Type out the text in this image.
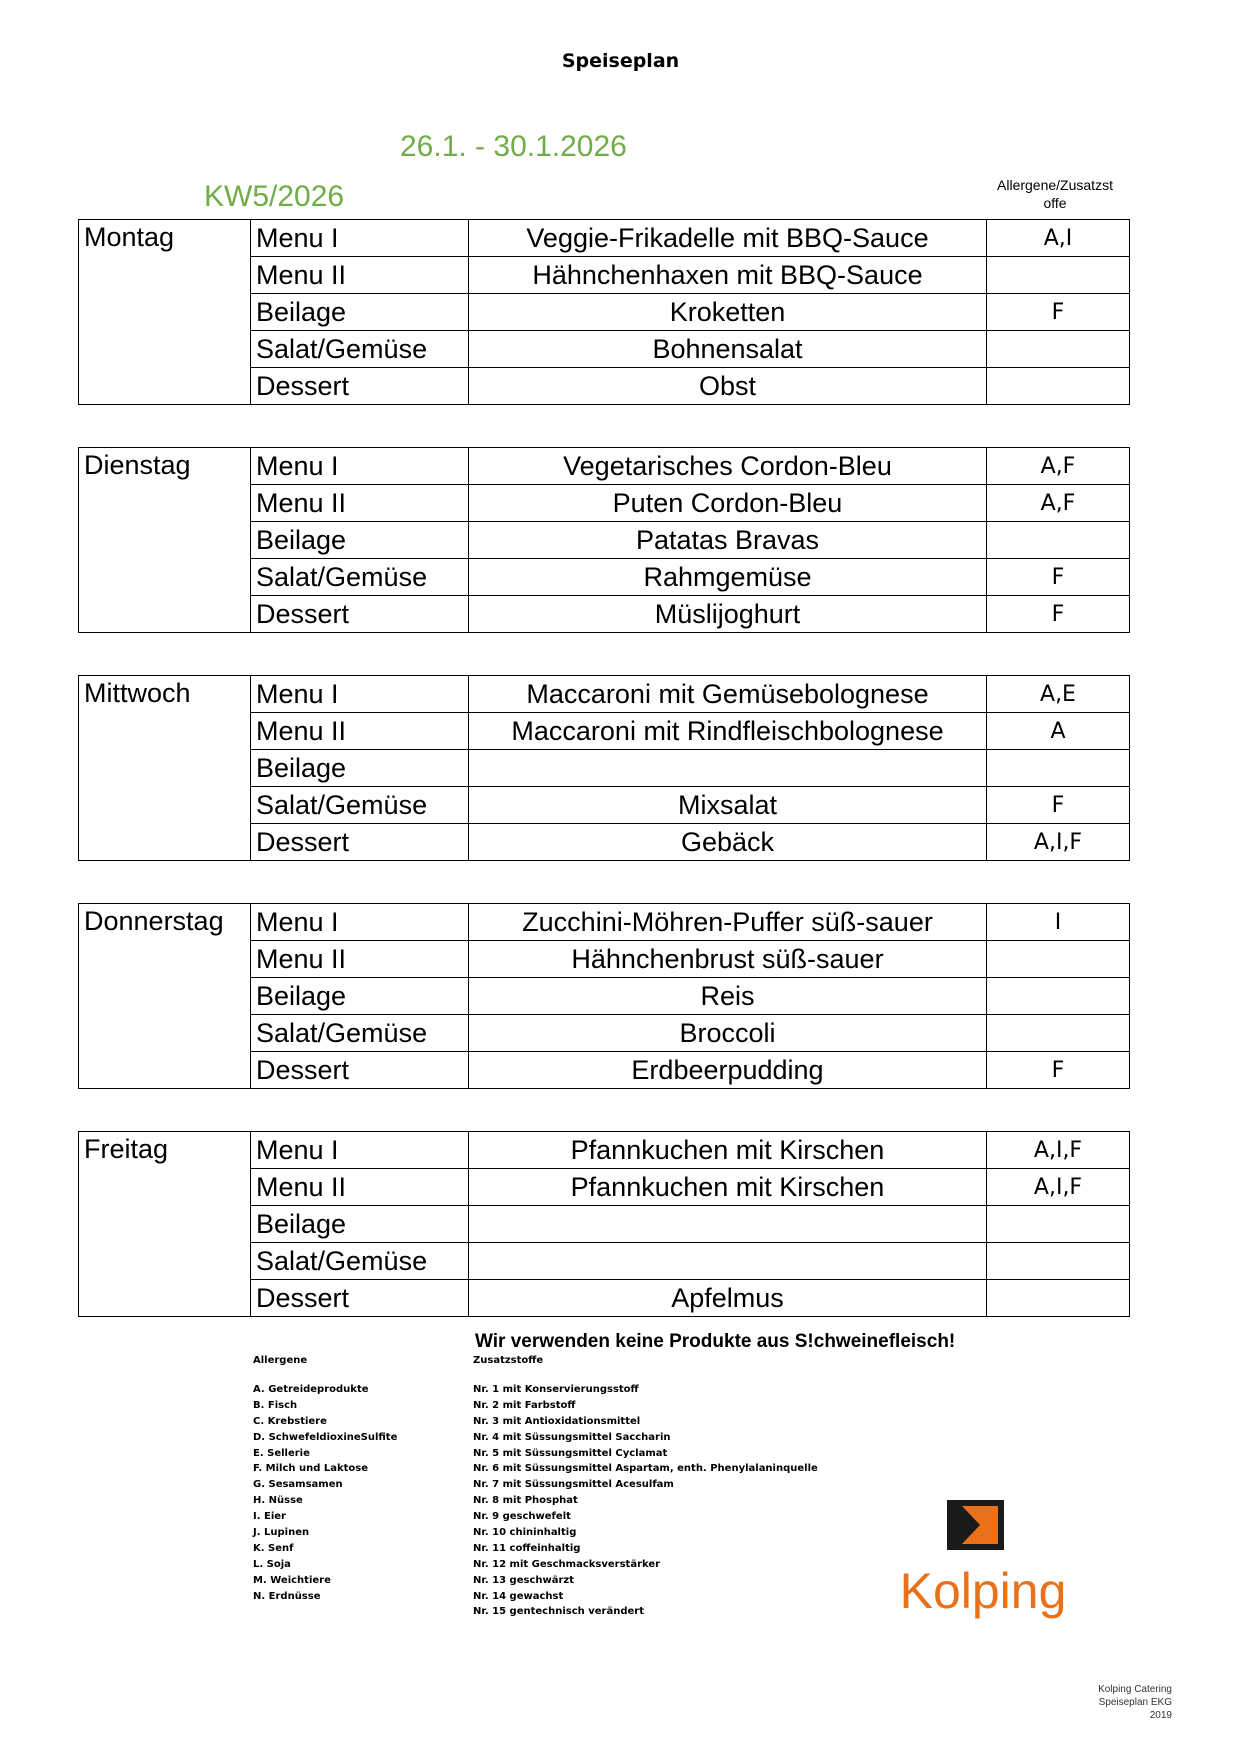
Speiseplan
26.1. - 30.1.2026
KW5/2026	Allergene/Zusatzst offe
Montag	Menu I	Veggie-Frikadelle mit BBQ-Sauce	A,I
	Menu II	Hähnchenhaxen mit BBQ-Sauce	
	Beilage	Kroketten	F
	Salat/Gemüse	Bohnensalat	
	Dessert	Obst	
Dienstag	Menu I	Vegetarisches Cordon-Bleu	A,F
	Menu II	Puten Cordon-Bleu	A,F
	Beilage	Patatas Bravas	
	Salat/Gemüse	Rahmgemüse	F
	Dessert	Müslijoghurt	F
Mittwoch	Menu I	Maccaroni mit Gemüsebolognese	A,E
	Menu II	Maccaroni mit Rindfleischbolognese	A
	Beilage		
	Salat/Gemüse	Mixsalat	F
	Dessert	Gebäck	A,I,F
Donnerstag	Menu I	Zucchini-Möhren-Puffer süß-sauer	I
	Menu II	Hähnchenbrust süß-sauer	
	Beilage	Reis	
	Salat/Gemüse	Broccoli	
	Dessert	Erdbeerpudding	F
Freitag	Menu I	Pfannkuchen mit Kirschen	A,I,F
	Menu II	Pfannkuchen mit Kirschen	A,I,F
	Beilage		
	Salat/Gemüse		
	Dessert	Apfelmus	
Wir verwenden keine Produkte aus S!chweinefleisch!
Allergene
A. Getreideprodukte
B. Fisch
C. Krebstiere
D. SchwefeldioxineSulfite
E. Sellerie
F. Milch und Laktose
G. Sesamsamen
H. Nüsse
I. Eier
J. Lupinen
K. Senf
L. Soja
M. Weichtiere
N. Erdnüsse
Zusatzstoffe
Nr. 1 mit Konservierungsstoff
Nr. 2 mit Farbstoff
Nr. 3 mit Antioxidationsmittel
Nr. 4 mit Süssungsmittel Saccharin
Nr. 5 mit Süssungsmittel Cyclamat
Nr. 6 mit Süssungsmittel Aspartam, enth. Phenylalaninquelle
Nr. 7 mit Süssungsmittel Acesulfam
Nr. 8 mit Phosphat
Nr. 9 geschwefelt
Nr. 10 chininhaltig
Nr. 11 coffeinhaltig
Nr. 12 mit Geschmacksverstärker
Nr. 13 geschwärzt
Nr. 14 gewachst
Nr. 15 gentechnisch verändert	Kolping
Kolping Catering
Speiseplan EKG
2019
